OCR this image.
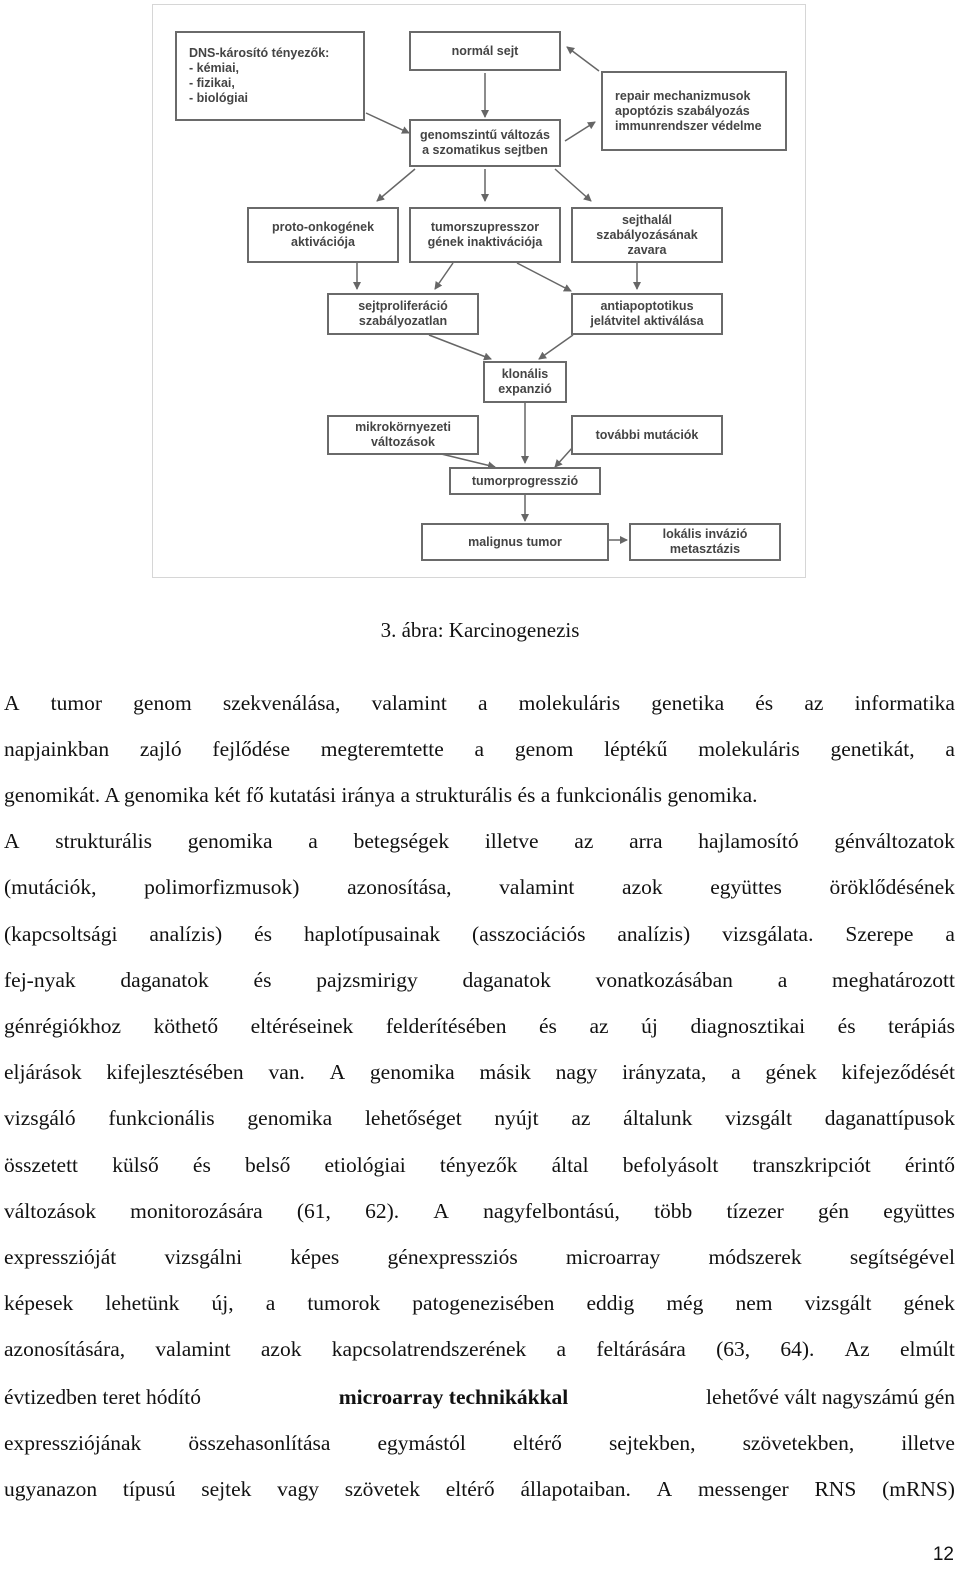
DNS-károsító tényezők:
- kémiai,
- fizikai,
- biológiai
normál sejt
repair mechanizmusok
apoptózis szabályozás
immunrendszer védelme
genomszintű változás
a szomatikus sejtben
proto-onkogének
aktivációja
tumorszupresszor
gének inaktivációja
sejthalál
szabályozásának
zavara
sejtproliferáció
szabályozatlan
antiapoptotikus
jelátvitel aktiválása
klonális
expanzió
mikrokörnyezeti
változások
további mutációk
tumorprogresszió
malignus tumor
lokális invázió
metasztázis
3. ábra: Karcinogenezis
A tumor genom szekvenálása, valamint a molekuláris genetika és az informatika
napjainkban zajló fejlődése megteremtette a genom léptékű molekuláris genetikát, a
genomikát. A genomika két fő kutatási iránya a strukturális és a funkcionális genomika.
A strukturális genomika a betegségek illetve az arra hajlamosító génváltozatok
(mutációk, polimorfizmusok) azonosítása, valamint azok együttes öröklődésének
(kapcsoltsági analízis) és haplotípusainak (asszociációs analízis) vizsgálata. Szerepe a
fej-nyak daganatok és pajzsmirigy daganatok vonatkozásában a meghatározott
génrégiókhoz köthető eltéréseinek felderítésében és az új diagnosztikai és terápiás
eljárások kifejlesztésében van. A genomika másik nagy irányzata, a gének kifejeződését
vizsgáló funkcionális genomika lehetőséget nyújt az általunk vizsgált daganattípusok
összetett külső és belső etiológiai tényezők által befolyásolt transzkripciót érintő
változások monitorozására (61, 62). A nagyfelbontású, több tízezer gén együttes
expresszióját vizsgálni képes génexpressziós microarray módszerek segítségével
képesek lehetünk új, a tumorok patogenezisében eddig még nem vizsgált gének
azonosítására, valamint azok kapcsolatrendszerének a feltárására (63, 64). Az elmúlt
évtizedben teret hódító	microarray technikákkal	lehetővé vált nagyszámú gén
expressziójának összehasonlítása egymástól eltérő sejtekben, szövetekben, illetve
ugyanazon típusú sejtek vagy szövetek eltérő állapotaiban. A messenger RNS (mRNS)
12
